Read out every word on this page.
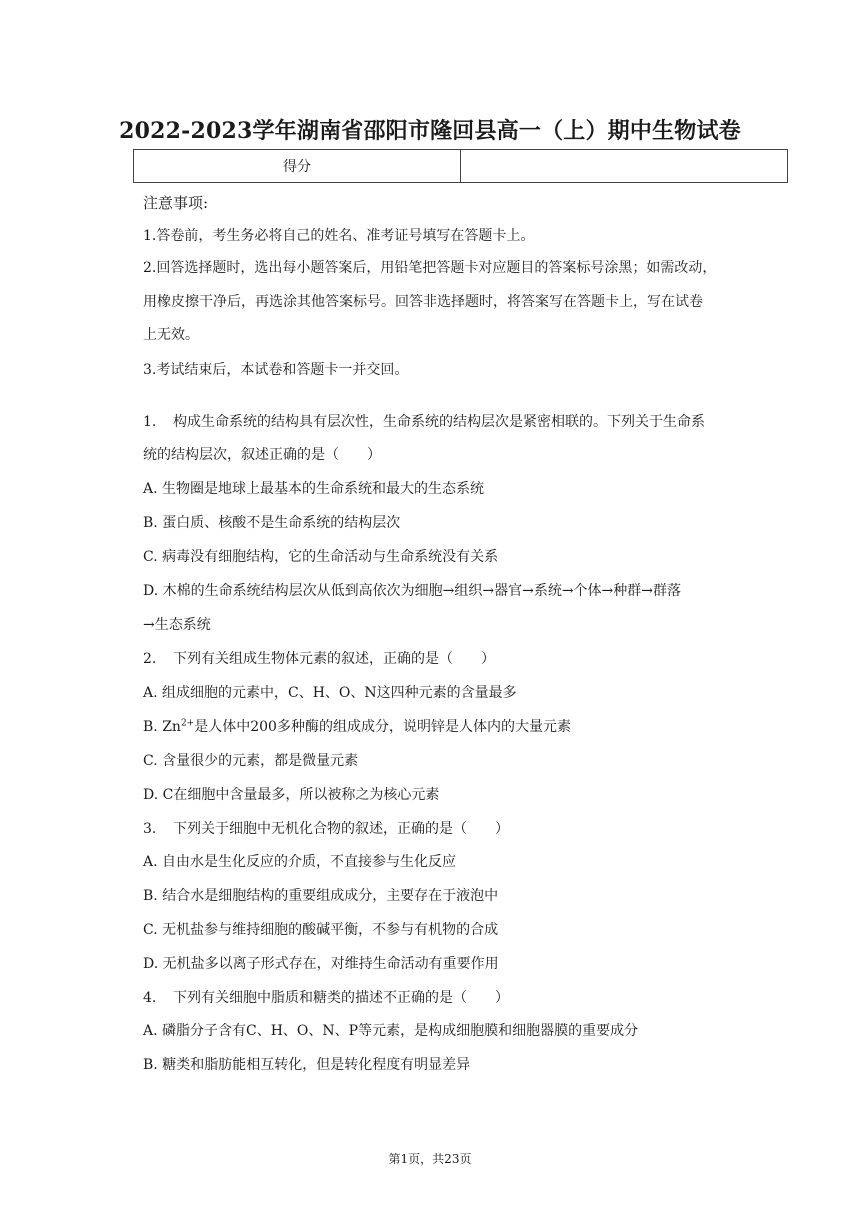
2022-2023学年湖南省邵阳市隆回县高一（上）期中生物试卷
得分
注意事项:
1.答卷前，考生务必将自己的姓名、准考证号填写在答题卡上。
2.回答选择题时，选出每小题答案后，用铅笔把答题卡对应题目的答案标号涂黑；如需改动，
用橡皮擦干净后，再选涂其他答案标号。回答非选择题时，将答案写在答题卡上，写在试卷
上无效。
3.考试结束后，本试卷和答题卡一并交回。
1. 构成生命系统的结构具有层次性，生命系统的结构层次是紧密相联的。下列关于生命系
统的结构层次，叙述正确的是（　　）
A. 生物圈是地球上最基本的生命系统和最大的生态系统
B. 蛋白质、核酸不是生命系统的结构层次
C. 病毒没有细胞结构，它的生命活动与生命系统没有关系
D. 木棉的生命系统结构层次从低到高依次为细胞→组织→器官→系统→个体→种群→群落
→生态系统
2. 下列有关组成生物体元素的叙述，正确的是（　　）
A. 组成细胞的元素中，C、H、O、N这四种元素的含量最多
B. $Zn^{2+}$是人体中200多种酶的组成成分，说明锌是人体内的大量元素
C. 含量很少的元素，都是微量元素
D. C在细胞中含量最多，所以被称之为核心元素
3. 下列关于细胞中无机化合物的叙述，正确的是（　　）
A. 自由水是生化反应的介质，不直接参与生化反应
B. 结合水是细胞结构的重要组成成分，主要存在于液泡中
C. 无机盐参与维持细胞的酸碱平衡，不参与有机物的合成
D. 无机盐多以离子形式存在，对维持生命活动有重要作用
4. 下列有关细胞中脂质和糖类的描述不正确的是（　　）
A. 磷脂分子含有C、H、O、N、P等元素，是构成细胞膜和细胞器膜的重要成分
B. 糖类和脂肪能相互转化，但是转化程度有明显差异
第1页，共23页
